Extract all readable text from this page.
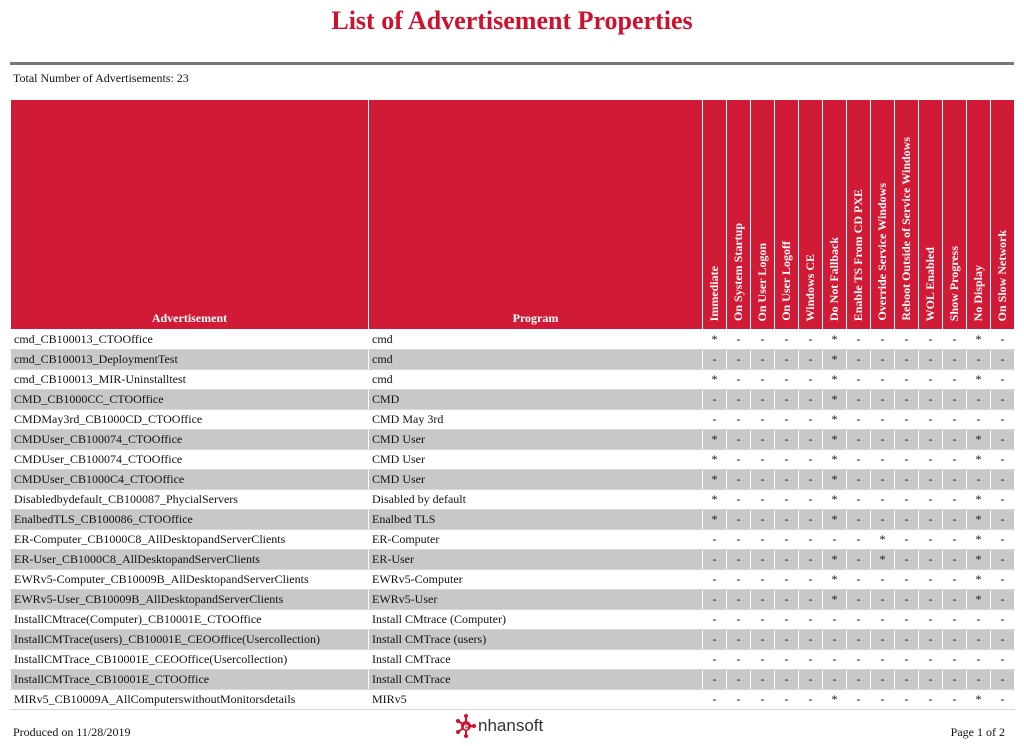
List of Advertisement Properties
Total Number of Advertisements: 23
Advertisement	Program	Immediate	On System Startup	On User Logon	On User Logoff	Windows CE	Do Not Fallback	Enable TS From CD PXE	Override Service Windows	Reboot Outside of Service Windows	WOL Enabled	Show Progress	No Display	On Slow Network
cmd_CB100013_CTOOffice	cmd	*	-	-	-	-	*	-	-	-	-	-	*	-
cmd_CB100013_DeploymentTest	cmd	-	-	-	-	-	*	-	-	-	-	-	-	-
cmd_CB100013_MIR-Uninstalltest	cmd	*	-	-	-	-	*	-	-	-	-	-	*	-
CMD_CB1000CC_CTOOffice	CMD	-	-	-	-	-	*	-	-	-	-	-	-	-
CMDMay3rd_CB1000CD_CTOOffice	CMD May 3rd	-	-	-	-	-	*	-	-	-	-	-	-	-
CMDUser_CB100074_CTOOffice	CMD User	*	-	-	-	-	*	-	-	-	-	-	*	-
CMDUser_CB100074_CTOOffice	CMD User	*	-	-	-	-	*	-	-	-	-	-	*	-
CMDUser_CB1000C4_CTOOffice	CMD User	*	-	-	-	-	*	-	-	-	-	-	-	-
Disabledbydefault_CB100087_PhycialServers	Disabled by default	*	-	-	-	-	*	-	-	-	-	-	*	-
EnalbedTLS_CB100086_CTOOffice	Enalbed TLS	*	-	-	-	-	*	-	-	-	-	-	*	-
ER-Computer_CB1000C8_AllDesktopandServerClients	ER-Computer	-	-	-	-	-	-	-	*	-	-	-	*	-
ER-User_CB1000C8_AllDesktopandServerClients	ER-User	-	-	-	-	-	*	-	*	-	-	-	*	-
EWRv5-Computer_CB10009B_AllDesktopandServerClients	EWRv5-Computer	-	-	-	-	-	*	-	-	-	-	-	*	-
EWRv5-User_CB10009B_AllDesktopandServerClients	EWRv5-User	-	-	-	-	-	*	-	-	-	-	-	*	-
InstallCMtrace(Computer)_CB10001E_CTOOffice	Install CMtrace (Computer)	-	-	-	-	-	-	-	-	-	-	-	-	-
InstallCMTrace(users)_CB10001E_CEOOffice(Usercollection)	Install CMTrace (users)	-	-	-	-	-	-	-	-	-	-	-	-	-
InstallCMTrace_CB10001E_CEOOffice(Usercollection)	Install CMTrace	-	-	-	-	-	-	-	-	-	-	-	-	-
InstallCMTrace_CB10001E_CTOOffice	Install CMTrace	-	-	-	-	-	-	-	-	-	-	-	-	-
MIRv5_CB10009A_AllComputerswithoutMonitorsdetails	MIRv5	-	-	-	-	-	*	-	-	-	-	-	*	-
Produced on 11/28/2019	e nhansoft	Page 1 of 2
